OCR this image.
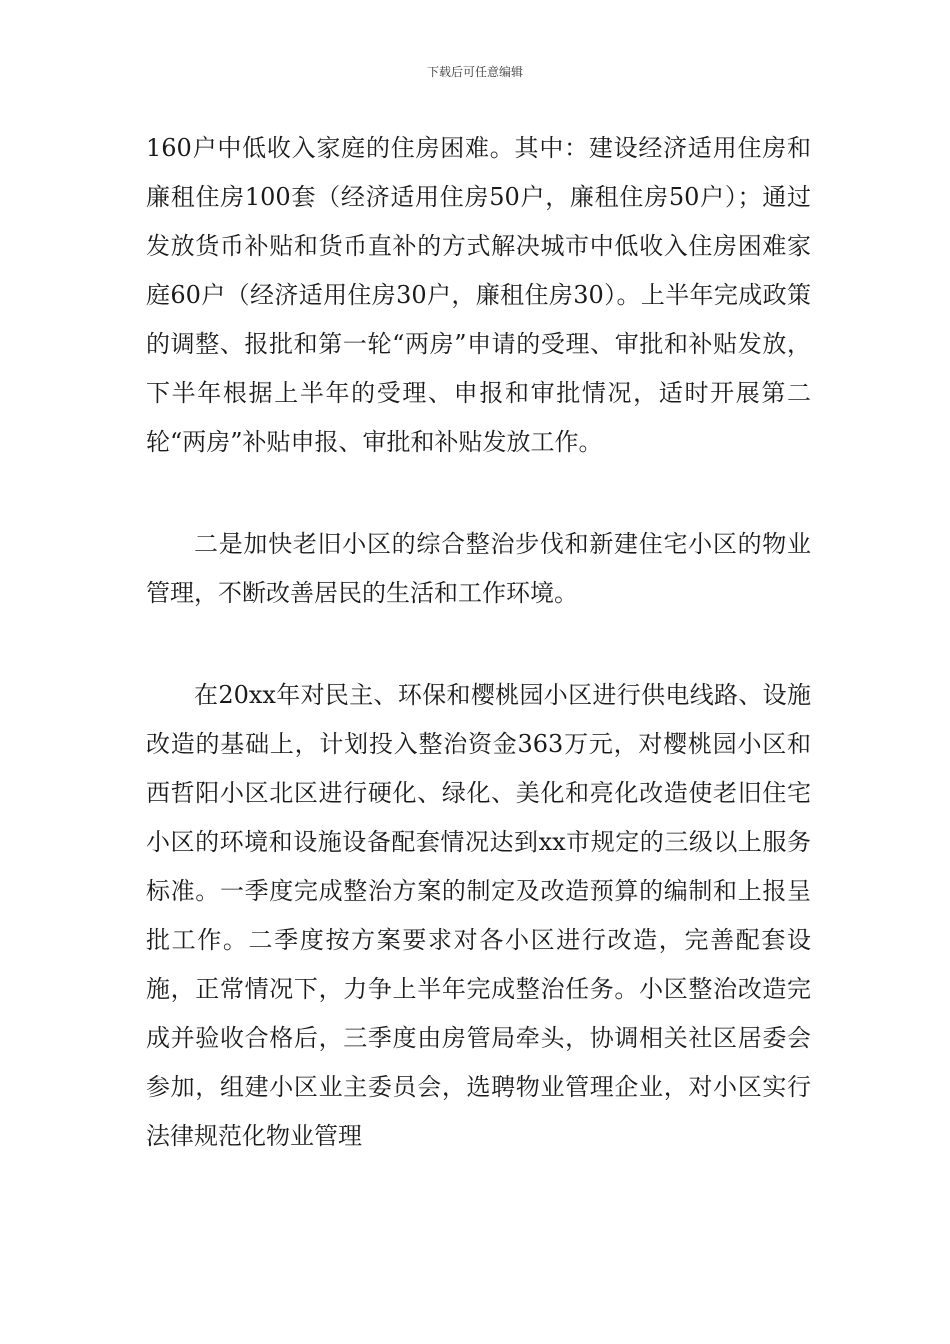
下载后可任意编辑

160户中低收入家庭的住房困难。其中：建设经济适用住房和廉租住房100套（经济适用住房50户，廉租住房50户）；通过发放货币补贴和货币直补的方式解决城市中低收入住房困难家庭60户（经济适用住房30户，廉租住房30）。上半年完成政策的调整、报批和第一轮“两房”申请的受理、审批和补贴发放，下半年根据上半年的受理、申报和审批情况，适时开展第二轮“两房”补贴申报、审批和补贴发放工作。

二是加快老旧小区的综合整治步伐和新建住宅小区的物业管理，不断改善居民的生活和工作环境。

在20xx年对民主、环保和樱桃园小区进行供电线路、设施改造的基础上，计划投入整治资金363万元，对樱桃园小区和西哲阳小区北区进行硬化、绿化、美化和亮化改造使老旧住宅小区的环境和设施设备配套情况达到xx市规定的三级以上服务标准。一季度完成整治方案的制定及改造预算的编制和上报呈批工作。二季度按方案要求对各小区进行改造，完善配套设施，正常情况下，力争上半年完成整治任务。小区整治改造完成并验收合格后，三季度由房管局牵头，协调相关社区居委会参加，组建小区业主委员会，选聘物业管理企业，对小区实行法律规范化物业管理
